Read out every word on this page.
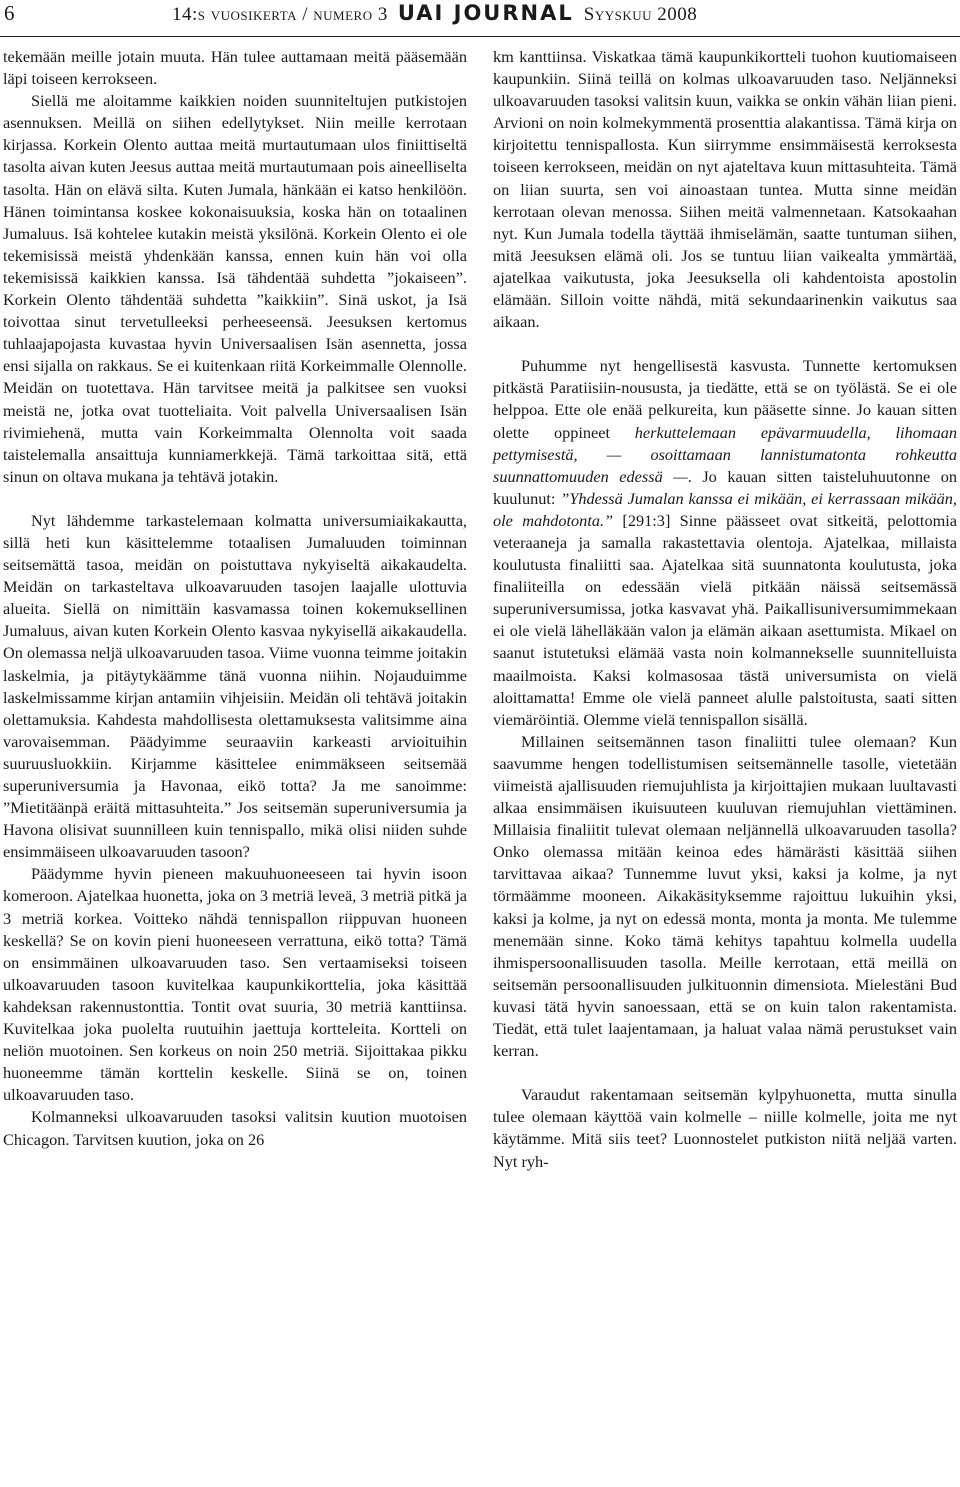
6	14:s vuosikerta / numero 3 UAI JOURNAL Syyskuu 2008

tekemään meille jotain muuta. Hän tulee auttamaan meitä pääsemään läpi toiseen kerrokseen.

Siellä me aloitamme kaikkien noiden suunniteltujen putkistojen asennuksen. Meillä on siihen edellytykset. Niin meille kerrotaan kirjassa. Korkein Olento auttaa meitä murtautumaan ulos finiittiseltä tasolta aivan kuten Jeesus auttaa meitä murtautumaan pois aineelliselta tasolta. Hän on elävä silta. Kuten Jumala, hänkään ei katso henkilöön. Hänen toimintansa koskee kokonaisuuksia, koska hän on totaalinen Jumaluus. Isä kohtelee kutakin meistä yksilönä. Korkein Olento ei ole tekemisissä meistä yhdenkään kanssa, ennen kuin hän voi olla tekemisissä kaikkien kanssa. Isä tähdentää suhdetta ”jokaiseen”. Korkein Olento tähdentää suhdetta ”kaikkiin”. Sinä uskot, ja Isä toivottaa sinut tervetulleeksi perheeseensä. Jeesuksen kertomus tuhlaajapojasta kuvastaa hyvin Universaalisen Isän asennetta, jossa ensi sijalla on rakkaus. Se ei kuitenkaan riitä Korkeimmalle Olennolle. Meidän on tuotettava. Hän tarvitsee meitä ja palkitsee sen vuoksi meistä ne, jotka ovat tuotteliaita. Voit palvella Universaalisen Isän rivimiehenä, mutta vain Korkeimmalta Olennolta voit saada taistelemalla ansaittuja kunniamerkkejä. Tämä tarkoittaa sitä, että sinun on oltava mukana ja tehtävä jotakin.

Nyt lähdemme tarkastelemaan kolmatta universumiaikakautta, sillä heti kun käsittelemme totaalisen Jumaluuden toiminnan seitsemättä tasoa, meidän on poistuttava nykyiseltä aikakaudelta. Meidän on tarkasteltava ulkoavaruuden tasojen laajalle ulottuvia alueita. Siellä on nimittäin kasvamassa toinen kokemuksellinen Jumaluus, aivan kuten Korkein Olento kasvaa nykyisellä aikakaudella. On olemassa neljä ulkoavaruuden tasoa. Viime vuonna teimme joitakin laskelmia, ja pitäytykäämme tänä vuonna niihin. Nojauduimme laskelmissamme kirjan antamiin vihjeisiin. Meidän oli tehtävä joitakin olettamuksia. Kahdesta mahdollisesta olettamuksesta valitsimme aina varovaisemman. Päädyimme seuraaviin karkeasti arvioituihin suuruusluokkiin. Kirjamme käsittelee enimmäkseen seitsemää superuniversumia ja Havonaa, eikö totta? Ja me sanoimme: ”Mietitäänpä eräitä mittasuhteita.” Jos seitsemän superuniversumia ja Havona olisivat suunnilleen kuin tennispallo, mikä olisi niiden suhde ensimmäiseen ulkoavaruuden tasoon?

Päädymme hyvin pieneen makuuhuoneeseen tai hyvin isoon komeroon. Ajatelkaa huonetta, joka on 3 metriä leveä, 3 metriä pitkä ja 3 metriä korkea. Voitteko nähdä tennispallon riippuvan huoneen keskellä? Se on kovin pieni huoneeseen verrattuna, eikö totta? Tämä on ensimmäinen ulkoavaruuden taso. Sen vertaamiseksi toiseen ulkoavaruuden tasoon kuvitelkaa kaupunkikorttelia, joka käsittää kahdeksan rakennustonttia. Tontit ovat suuria, 30 metriä kanttiinsa. Kuvitelkaa joka puolelta ruutuihin jaettuja kortteleita. Kortteli on neliön muotoinen. Sen korkeus on noin 250 metriä. Sijoittakaa pikku huoneemme tämän korttelin keskelle. Siinä se on, toinen ulkoavaruuden taso.

Kolmanneksi ulkoavaruuden tasoksi valitsin kuution muotoisen Chicagon. Tarvitsen kuution, joka on 26

km kanttiinsa. Viskatkaa tämä kaupunkikortteli tuohon kuutiomaiseen kaupunkiin. Siinä teillä on kolmas ulkoavaruuden taso. Neljänneksi ulkoavaruuden tasoksi valitsin kuun, vaikka se onkin vähän liian pieni. Arvioni on noin kolmekymmentä prosenttia alakantissa. Tämä kirja on kirjoitettu tennispallosta. Kun siirrymme ensimmäisestä kerroksesta toiseen kerrokseen, meidän on nyt ajateltava kuun mittasuhteita. Tämä on liian suurta, sen voi ainoastaan tuntea. Mutta sinne meidän kerrotaan olevan menossa. Siihen meitä valmennetaan. Katsokaahan nyt. Kun Jumala todella täyttää ihmiselämän, saatte tuntuman siihen, mitä Jeesuksen elämä oli. Jos se tuntuu liian vaikealta ymmärtää, ajatelkaa vaikutusta, joka Jeesuksella oli kahdentoista apostolin elämään. Silloin voitte nähdä, mitä sekundaarinenkin vaikutus saa aikaan.

Puhumme nyt hengellisestä kasvusta. Tunnette kertomuksen pitkästä Paratiisiin-noususta, ja tiedätte, että se on työlästä. Se ei ole helppoa. Ette ole enää pelkureita, kun pääsette sinne. Jo kauan sitten olette oppineet herkuttelemaan epävarmuudella, lihomaan pettymisestä, — osoittamaan lannistumatonta rohkeutta suunnattomuuden edessä —. Jo kauan sitten taisteluhuutonne on kuulunut: ”Yhdessä Jumalan kanssa ei mikään, ei kerrassaan mikään, ole mahdotonta.” [291:3] Sinne päässeet ovat sitkeitä, pelottomia veteraaneja ja samalla rakastettavia olentoja. Ajatelkaa, millaista koulutusta finaliitti saa. Ajatelkaa sitä suunnatonta koulutusta, joka finaliiteilla on edessään vielä pitkään näissä seitsemässä superuniversumissa, jotka kasvavat yhä. Paikallisuniversumimmekaan ei ole vielä lähelläkään valon ja elämän aikaan asettumista. Mikael on saanut istutetuksi elämää vasta noin kolmannekselle suunnitelluista maailmoista. Kaksi kolmasosaa tästä universumista on vielä aloittamatta! Emme ole vielä panneet alulle palstoitusta, saati sitten viemäröintiä. Olemme vielä tennispallon sisällä.

Millainen seitsemännen tason finaliitti tulee olemaan? Kun saavumme hengen todellistumisen seitsemännelle tasolle, vietetään viimeistä ajallisuuden riemujuhlista ja kirjoittajien mukaan luultavasti alkaa ensimmäisen ikuisuuteen kuuluvan riemujuhlan viettäminen. Millaisia finaliitit tulevat olemaan neljännellä ulkoavaruuden tasolla? Onko olemassa mitään keinoa edes hämärästi käsittää siihen tarvittavaa aikaa? Tunnemme luvut yksi, kaksi ja kolme, ja nyt törmäämme mooneen. Aikakäsityksemme rajoittuu lukuihin yksi, kaksi ja kolme, ja nyt on edessä monta, monta ja monta. Me tulemme menemään sinne. Koko tämä kehitys tapahtuu kolmella uudella ihmispersoonallisuuden tasolla. Meille kerrotaan, että meillä on seitsemän persoonallisuuden julkituonnin dimensiota. Mielestäni Bud kuvasi tätä hyvin sanoessaan, että se on kuin talon rakentamista. Tiedät, että tulet laajentamaan, ja haluat valaa nämä perustukset vain kerran.

Varaudut rakentamaan seitsemän kylpyhuonetta, mutta sinulla tulee olemaan käyttöä vain kolmelle – niille kolmelle, joita me nyt käytämme. Mitä siis teet? Luonnostelet putkiston niitä neljää varten. Nyt ryh-
